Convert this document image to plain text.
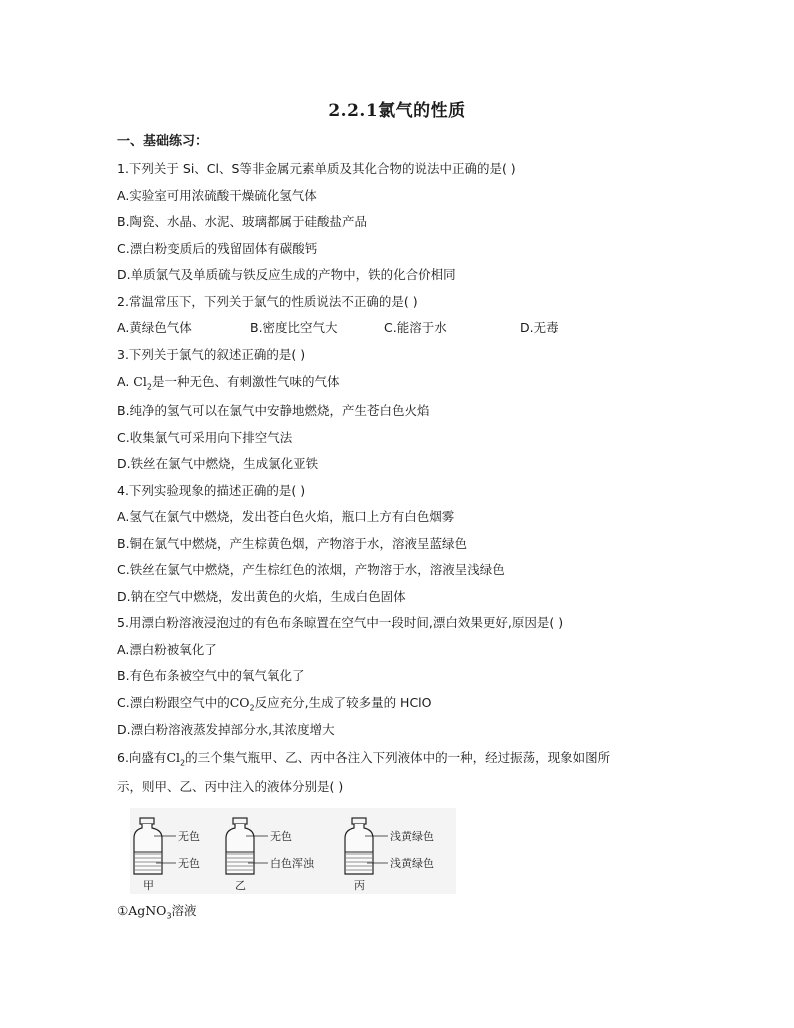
2.2.1氯气的性质
一、基础练习：
1.下列关于 Si、Cl、S等非金属元素单质及其化合物的说法中正确的是( )
A.实验室可用浓硫酸干燥硫化氢气体
B.陶瓷、水晶、水泥、玻璃都属于硅酸盐产品
C.漂白粉变质后的残留固体有碳酸钙
D.单质氯气及单质硫与铁反应生成的产物中，铁的化合价相同
2.常温常压下，下列关于氯气的性质说法不正确的是( )
A.黄绿色气体	B.密度比空气大	C.能溶于水	D.无毒
3.下列关于氯气的叙述正确的是( )
A. $Cl_2$是一种无色、有刺激性气味的气体
B.纯净的氢气可以在氯气中安静地燃烧，产生苍白色火焰
C.收集氯气可采用向下排空气法
D.铁丝在氯气中燃烧，生成氯化亚铁
4.下列实验现象的描述正确的是( )
A.氢气在氯气中燃烧，发出苍白色火焰，瓶口上方有白色烟雾
B.铜在氯气中燃烧，产生棕黄色烟，产物溶于水，溶液呈蓝绿色
C.铁丝在氯气中燃烧，产生棕红色的浓烟，产物溶于水，溶液呈浅绿色
D.钠在空气中燃烧，发出黄色的火焰，生成白色固体
5.用漂白粉溶液浸泡过的有色布条晾置在空气中一段时间,漂白效果更好,原因是( )
A.漂白粉被氧化了
B.有色布条被空气中的氧气氧化了
C.漂白粉跟空气中的$CO_2$反应充分,生成了较多量的 HClO
D.漂白粉溶液蒸发掉部分水,其浓度增大
6.向盛有$Cl_2$的三个集气瓶甲、乙、丙中各注入下列液体中的一种，经过振荡，现象如图所
示，则甲、乙、丙中注入的液体分别是( )
无色
无色
甲
无色
白色浑浊
乙
浅黄绿色
浅黄绿色
丙
①AgNO$_3$溶液
